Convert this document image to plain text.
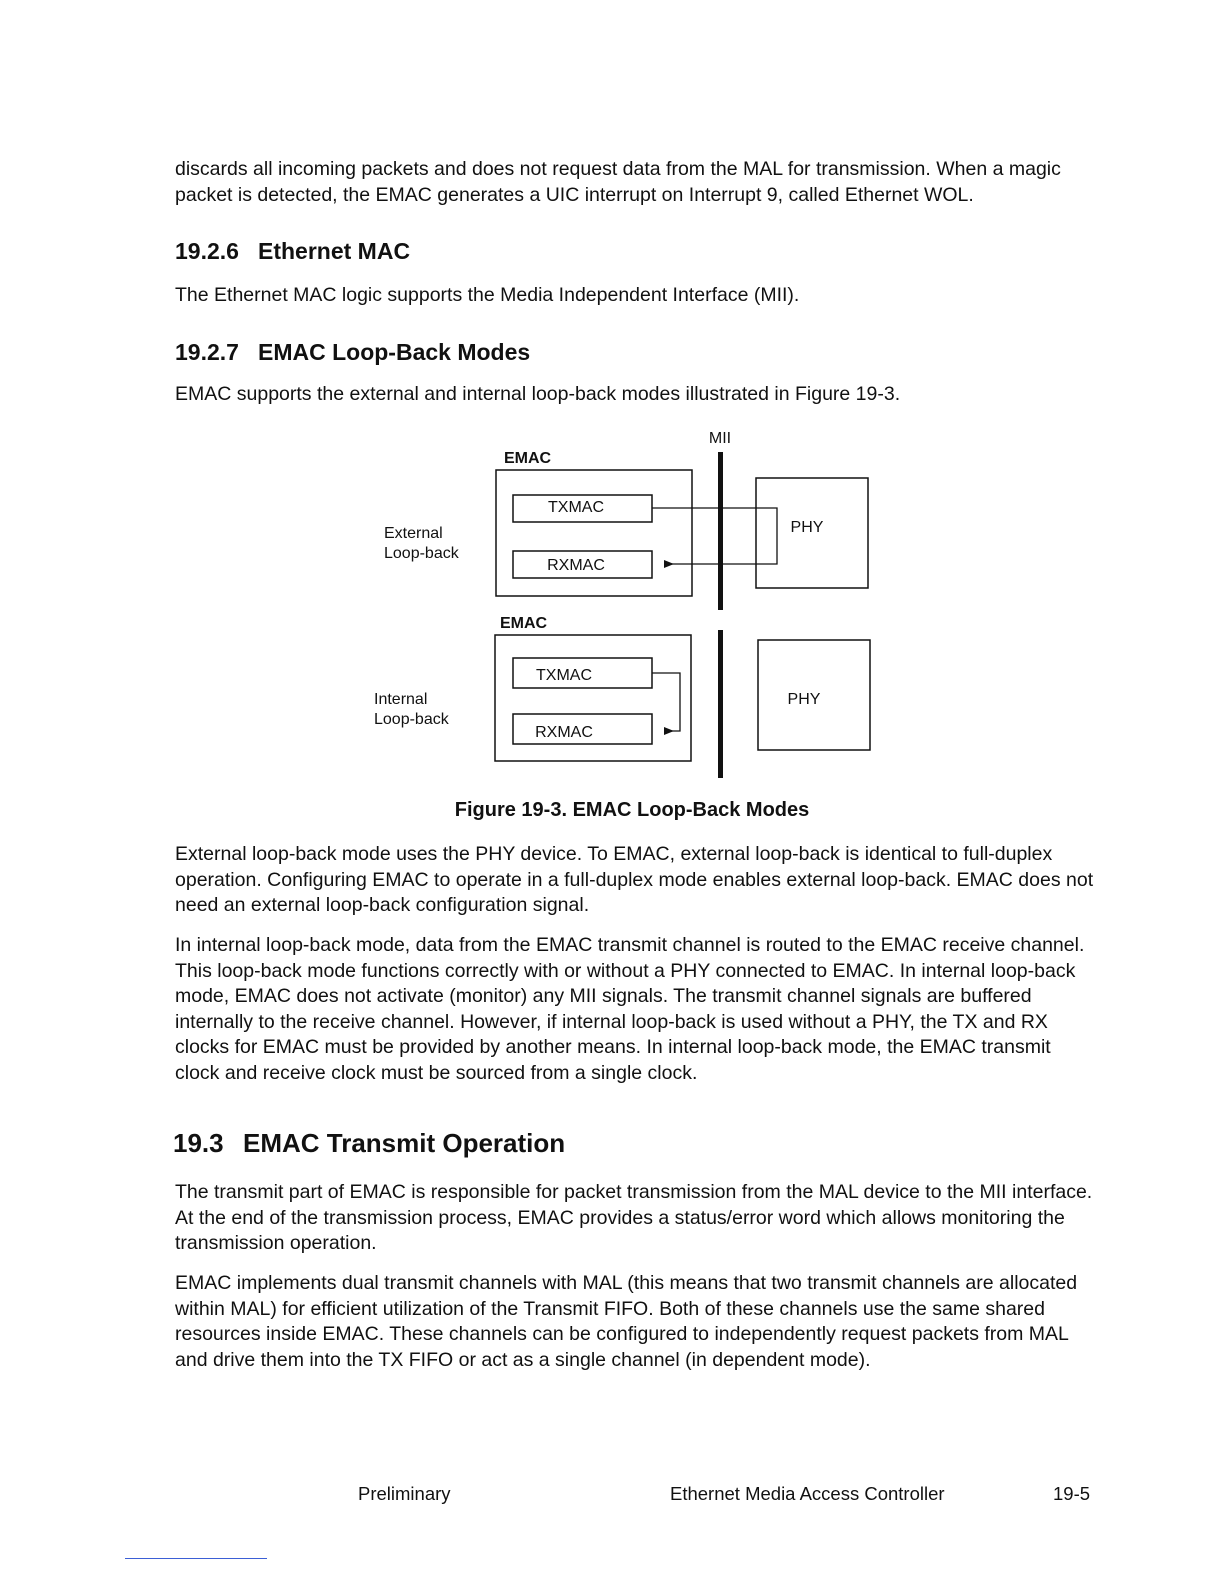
discards all incoming packets and does not request data from the MAL for transmission. When a magic packet is detected, the EMAC generates a UIC interrupt on Interrupt 9, called Ethernet WOL.

19.2.6 Ethernet MAC

The Ethernet MAC logic supports the Media Independent Interface (MII).

19.2.7 EMAC Loop-Back Modes

EMAC supports the external and internal loop-back modes illustrated in Figure 19-3.

MII
External
Loop-back
EMAC
TXMAC
RXMAC
PHY
Internal
Loop-back
EMAC
TXMAC
RXMAC
PHY

Figure 19-3. EMAC Loop-Back Modes

External loop-back mode uses the PHY device. To EMAC, external loop-back is identical to full-duplex operation. Configuring EMAC to operate in a full-duplex mode enables external loop-back. EMAC does not need an external loop-back configuration signal.

In internal loop-back mode, data from the EMAC transmit channel is routed to the EMAC receive channel. This loop-back mode functions correctly with or without a PHY connected to EMAC. In internal loop-back mode, EMAC does not activate (monitor) any MII signals. The transmit channel signals are buffered internally to the receive channel. However, if internal loop-back is used without a PHY, the TX and RX clocks for EMAC must be provided by another means. In internal loop-back mode, the EMAC transmit clock and receive clock must be sourced from a single clock.

19.3 EMAC Transmit Operation

The transmit part of EMAC is responsible for packet transmission from the MAL device to the MII interface. At the end of the transmission process, EMAC provides a status/error word which allows monitoring the transmission operation.

EMAC implements dual transmit channels with MAL (this means that two transmit channels are allocated within MAL) for efficient utilization of the Transmit FIFO. Both of these channels use the same shared resources inside EMAC. These channels can be configured to independently request packets from MAL and drive them into the TX FIFO or act as a single channel (in dependent mode).

Preliminary	Ethernet Media Access Controller	19-5
